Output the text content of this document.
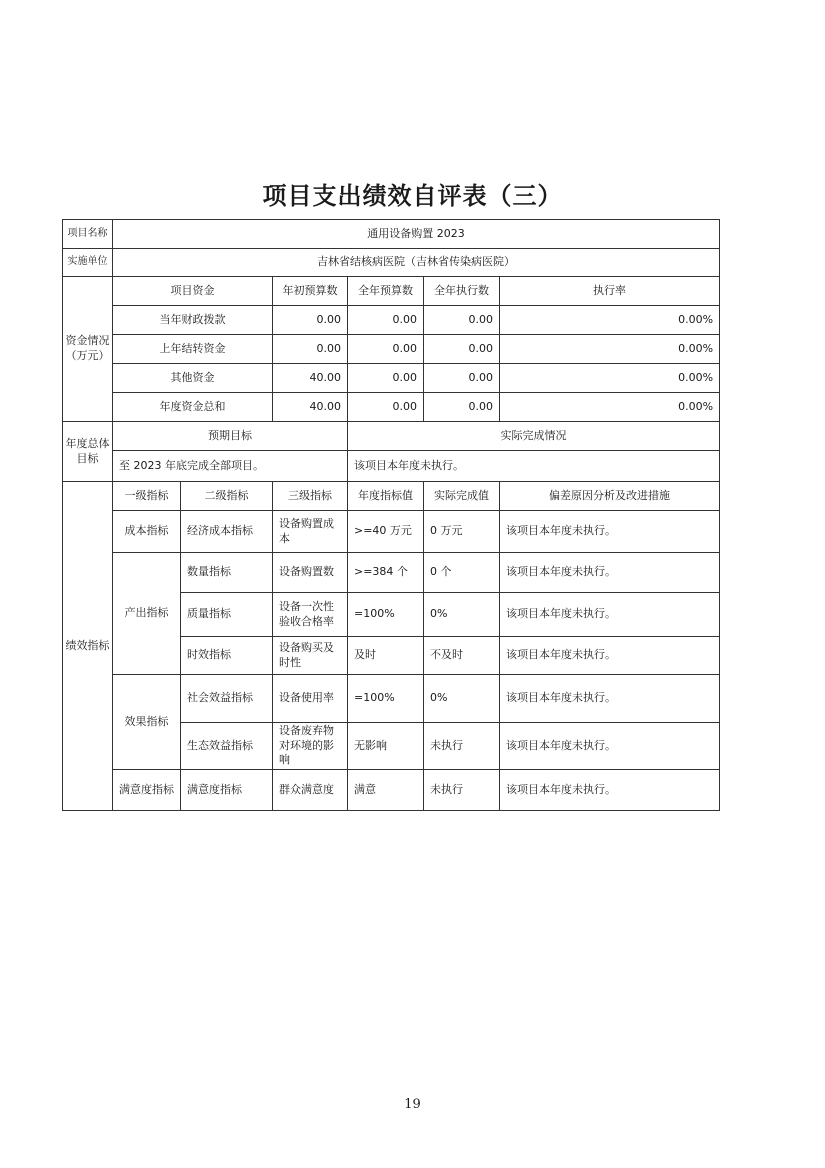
项目支出绩效自评表（三）
项目名称	通用设备购置 2023					
实施单位	吉林省结核病医院（吉林省传染病医院）					
资金情况（万元）	项目资金		年初预算数	全年预算数	全年执行数	执行率
	当年财政拨款		0.00	0.00	0.00	0.00%
	上年结转资金		0.00	0.00	0.00	0.00%
	其他资金		40.00	0.00	0.00	0.00%
	年度资金总和		40.00	0.00	0.00	0.00%
年度总体目标	预期目标			实际完成情况		
	至 2023 年底完成全部项目。			该项目本年度未执行。		
绩效指标	一级指标	二级指标	三级指标	年度指标值	实际完成值	偏差原因分析及改进措施
	成本指标	经济成本指标	设备购置成本	>=40 万元	0 万元	该项目本年度未执行。
	产出指标	数量指标	设备购置数	>=384 个	0 个	该项目本年度未执行。
		质量指标	设备一次性验收合格率	=100%	0%	该项目本年度未执行。
		时效指标	设备购买及时性	及时	不及时	该项目本年度未执行。
	效果指标	社会效益指标	设备使用率	=100%	0%	该项目本年度未执行。
		生态效益指标	设备废弃物对环境的影响	无影响	未执行	该项目本年度未执行。
	满意度指标	满意度指标	群众满意度	满意	未执行	该项目本年度未执行。
19
